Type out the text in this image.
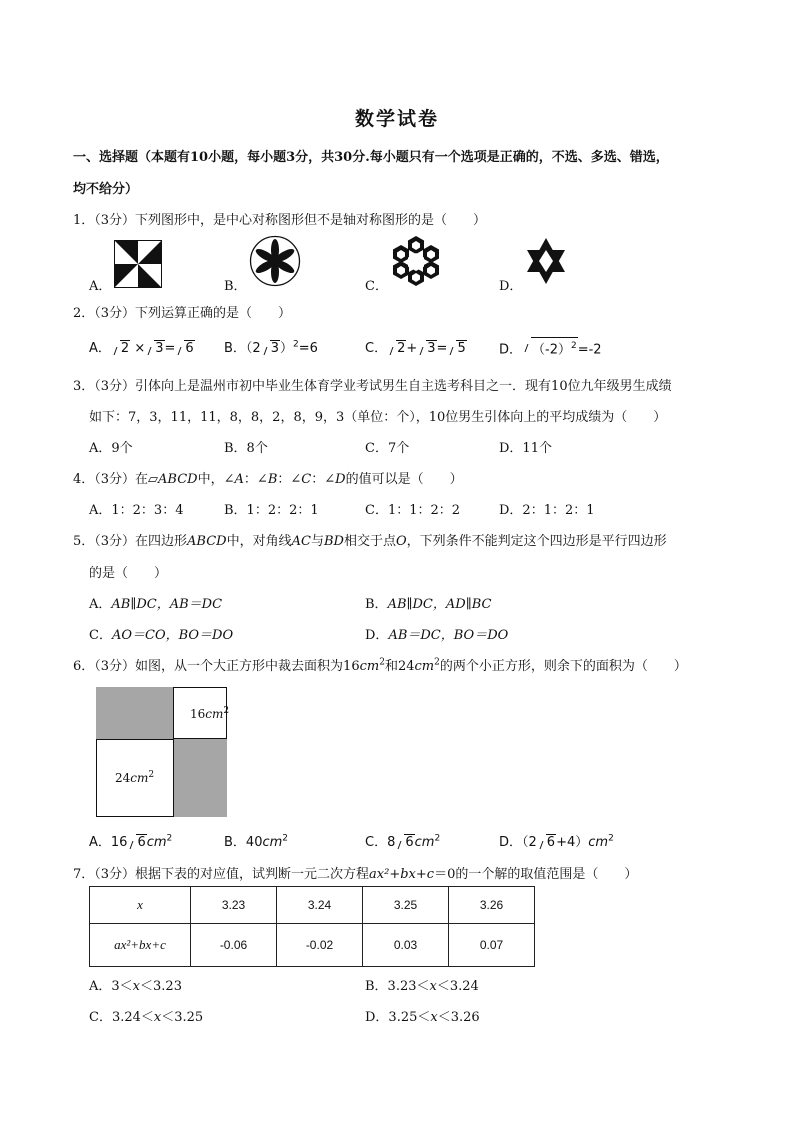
数学试卷
一、选择题（本题有10小题，每小题3分，共30分.每小题只有一个选项是正确的，不选、多选、错选，
均不给分）
1．（3分）下列图形中，是中心对称图形但不是轴对称图形的是（　　）
A．	B．	C．	D．
2．（3分）下列运算正确的是（　　）
A． 2 × 3= 6 B．（2 3）$^2$=6	C． 2+ 3= 5	D． $(-2)^2=-2$
3．（3分）引体向上是温州市初中毕业生体育学业考试男生自主选考科目之一．现有10位九年级男生成绩
如下：7，3，11，11，8，8，2，8，9，3（单位：个），10位男生引体向上的平均成绩为（　　）
A．9个	B．8个	C．7个	D．11个
4．（3分）在▱ABCD中，∠A：∠B：∠C：∠D的值可以是（　　）
A．1：2：3：4	B．1：2：2：1	C．1：1：2：2	D．2：1：2：1
5．（3分）在四边形ABCD中，对角线AC与BD相交于点O，下列条件不能判定这个四边形是平行四边形
的是（　　）
A．AB∥DC，AB＝DC	B．AB∥DC，AD∥BC
C．AO＝CO，BO＝DO	D．AB＝DC，BO＝DO
6．（3分）如图，从一个大正方形中裁去面积为$16cm^2$和$24cm^2$的两个小正方形，则余下的面积为（　　）
$16cm^2$
$24cm^2$
A．16 $6cm^2$	B．$40cm^2$	C．8 $6cm^2$	D．（2 $6+4)cm^2$
7．（3分）根据下表的对应值，试判断一元二次方程ax²+bx+c＝0的一个解的取值范围是（　　）
x	3.23	3.24	3.25	3.26
ax²+bx+c	-0.06	-0.02	0.03	0.07
A．3＜x＜3.23	B．3.23＜x＜3.24
C．3.24＜x＜3.25	D．3.25＜x＜3.26
